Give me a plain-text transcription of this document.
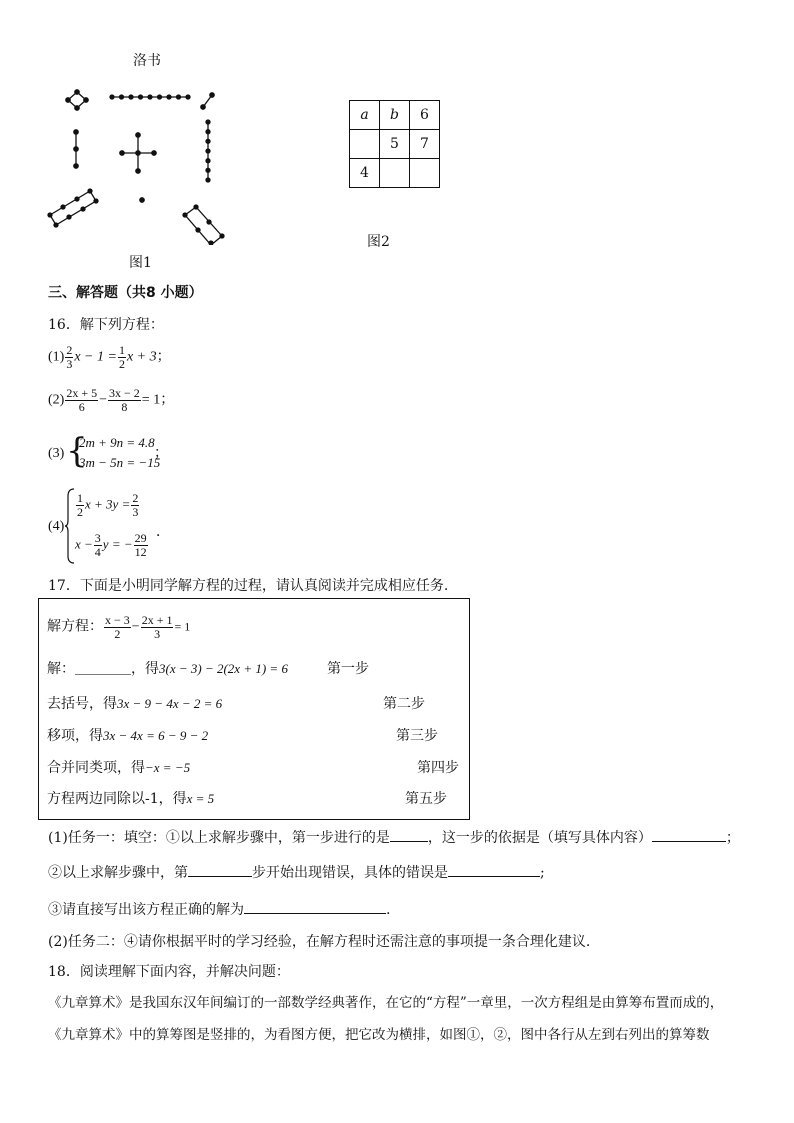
洛书
图1
a	b	6
	5	7
4		
图2
三、解答题（共8 小题）
16．解下列方程：
$(1) \frac{2}{3}$ $x - 1 = \frac{1}{2}$ x + 3；
$(2) \frac{2x + 5}{6} - \frac{3x - 2}{8} = 1$；
(3) {
2m + 9n = 4.8
3m − 5n = −15
；
(4)
$\frac{1}{2}$ $x + 3y = \frac{2}{3}$
$x - \frac{3}{4}$ y = − $\frac{29}{12}$ ．
17．下面是小明同学解方程的过程，请认真阅读并完成相应任务.
解方程： $\frac{x - 3}{2} - \frac{2x + 1}{3} = 1$
解：＿＿＿＿，得3(x − 3) − 2(2x + 1) = 6	第一步
去括号，得3x − 9 − 4x − 2 = 6	第二步
移项，得3x − 4x = 6 − 9 − 2	第三步
合并同类项，得−x = −5	第四步
方程两边同除以-1，得x = 5	第五步
(1)任务一：填空：①以上求解步骤中，第一步进行的是	，这一步的依据是（填写具体内容）	；
②以上求解步骤中，第	步开始出现错误，具体的错误是	;
③请直接写出该方程正确的解为	.
(2)任务二：④请你根据平时的学习经验，在解方程时还需注意的事项提一条合理化建议.
18．阅读理解下面内容，并解决问题：
《九章算术》是我国东汉年间编订的一部数学经典著作，在它的“方程”一章里，一次方程组是由算筹布置而成的，
《九章算术》中的算筹图是竖排的，为看图方便，把它改为横排，如图①，②，图中各行从左到右列出的算筹数
